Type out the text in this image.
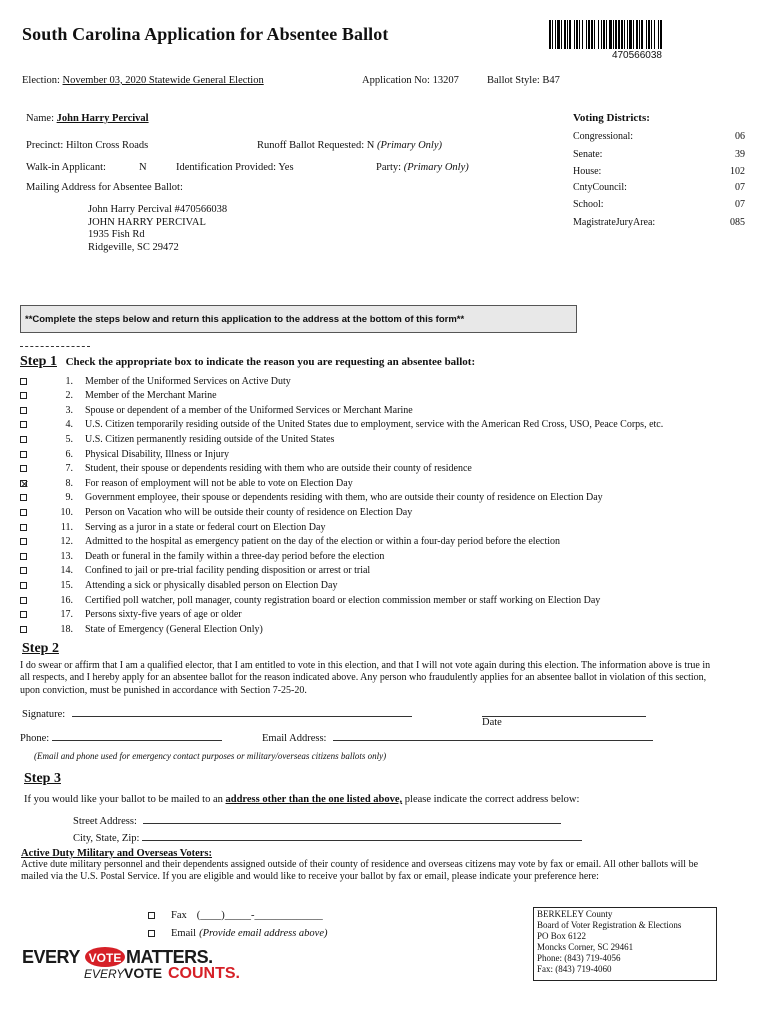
South Carolina Application for Absentee Ballot
470566038
Election: November 03, 2020 Statewide General Election	Application No: 13207	Ballot Style: B47
Name: John Harry Percival
Precinct: Hilton Cross Roads	Runoff Ballot Requested: N (Primary Only)
Walk-in Applicant:	N	Identification Provided: Yes	Party: (Primary Only)
Mailing Address for Absentee Ballot:
John Harry Percival #470566038
JOHN HARRY PERCIVAL
1935 Fish Rd
Ridgeville, SC 29472
Voting Districts:
Congressional:	06
Senate:	39
House:	102
CntyCouncil:	07
School:	07
MagistrateJuryArea:	085
**Complete the steps below and return this application to the address at the bottom of this form**
Step 1 Check the appropriate box to indicate the reason you are requesting an absentee ballot:
1. Member of the Uniformed Services on Active Duty
2. Member of the Merchant Marine
3. Spouse or dependent of a member of the Uniformed Services or Merchant Marine
4. U.S. Citizen temporarily residing outside of the United States due to employment, service with the American Red Cross, USO, Peace Corps, etc.
5. U.S. Citizen permanently residing outside of the United States
6. Physical Disability, Illness or Injury
7. Student, their spouse or dependents residing with them who are outside their county of residence
8. For reason of employment will not be able to vote on Election Day
9. Government employee, their spouse or dependents residing with them, who are outside their county of residence on Election Day
10. Person on Vacation who will be outside their county of residence on Election Day
11. Serving as a juror in a state or federal court on Election Day
12. Admitted to the hospital as emergency patient on the day of the election or within a four-day period before the election
13. Death or funeral in the family within a three-day period before the election
14. Confined to jail or pre-trial facility pending disposition or arrest or trial
15. Attending a sick or physically disabled person on Election Day
16. Certified poll watcher, poll manager, county registration board or election commission member or staff working on Election Day
17. Persons sixty-five years of age or older
18. State of Emergency (General Election Only)
Step 2
I do swear or affirm that I am a qualified elector, that I am entitled to vote in this election, and that I will not vote again during this election. The information above is true in all respects, and I hereby apply for an absentee ballot for the reason indicated above. Any person who fraudulently applies for an absentee ballot in violation of this section, upon conviction, must be punished in accordance with Section 7-25-20.
Signature:
Date
Phone:	Email Address:
(Email and phone used for emergency contact purposes or military/overseas citizens ballots only)
Step 3
If you would like your ballot to be mailed to an address other than the one listed above, please indicate the correct address below:
Street Address:
City, State, Zip:
Active Duty Military and Overseas Voters:
Active dute military personnel and their dependents assigned outside of their county of residence and overseas citizens may vote by fax or email. All other ballots will be mailed via the U.S. Postal Service. If you are eligible and would like to receive your ballot by fax or email, please indicate your preference here:
Fax (____)_____-_____________
Email (Provide email address above)
BERKELEY County
Board of Voter Registration & Elections
PO Box 6122
Moncks Corner, SC 29461
Phone: (843) 719-4056
Fax: (843) 719-4060
EVERY VOTE MATTERS.
EVERY VOTE COUNTS.
